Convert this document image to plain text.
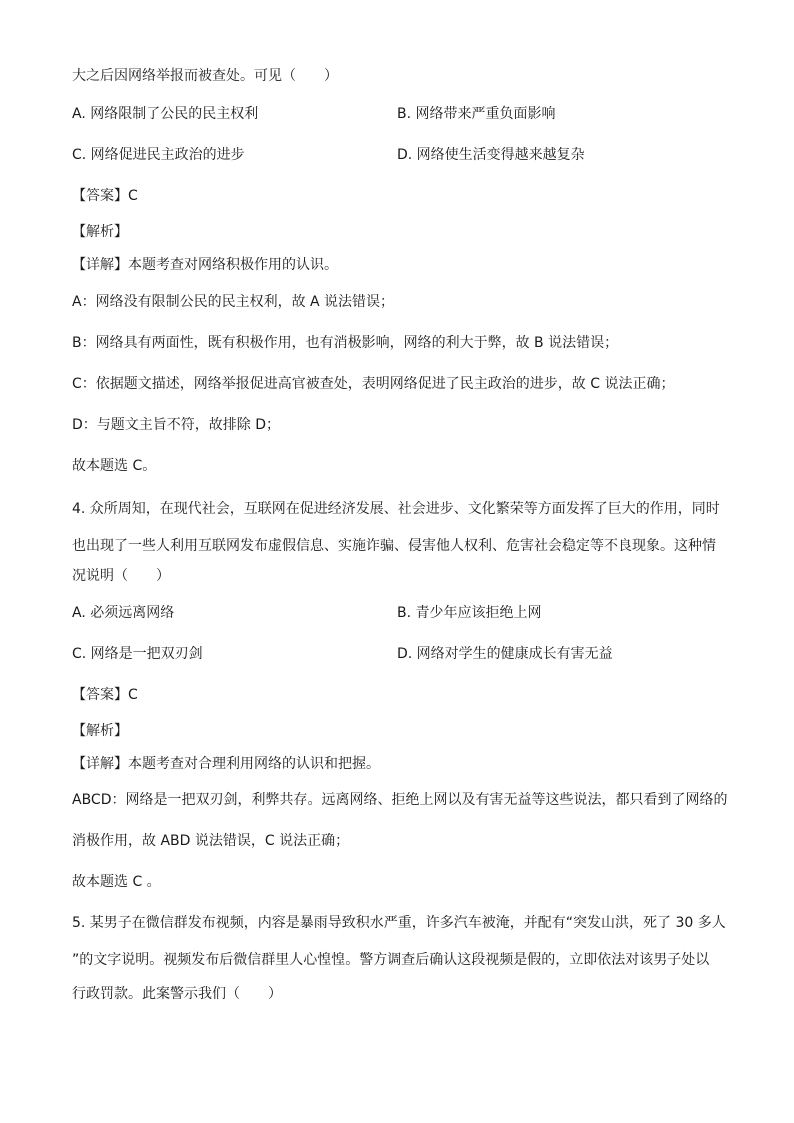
大之后因网络举报而被查处。可见（　　）
A. 网络限制了公民的民主权利	B. 网络带来严重负面影响
C. 网络促进民主政治的进步	D. 网络使生活变得越来越复杂
【答案】C
【解析】
【详解】本题考查对网络积极作用的认识。
A：网络没有限制公民的民主权利，故 A 说法错误；
B：网络具有两面性，既有积极作用，也有消极影响，网络的利大于弊，故 B 说法错误；
C：依据题文描述，网络举报促进高官被查处，表明网络促进了民主政治的进步，故 C 说法正确；
D：与题文主旨不符，故排除 D；
故本题选 C。
4. 众所周知，在现代社会，互联网在促进经济发展、社会进步、文化繁荣等方面发挥了巨大的作用，同时
也出现了一些人利用互联网发布虚假信息、实施诈骗、侵害他人权利、危害社会稳定等不良现象。这种情
况说明（　　）
A. 必须远离网络	B. 青少年应该拒绝上网
C. 网络是一把双刃剑	D. 网络对学生的健康成长有害无益
【答案】C
【解析】
【详解】本题考查对合理利用网络的认识和把握。
ABCD：网络是一把双刃剑，利弊共存。远离网络、拒绝上网以及有害无益等这些说法，都只看到了网络的
消极作用，故 ABD 说法错误，C 说法正确；
故本题选 C 。
5. 某男子在微信群发布视频，内容是暴雨导致积水严重，许多汽车被淹，并配有“突发山洪，死了 30 多人
”的文字说明。视频发布后微信群里人心惶惶。警方调查后确认这段视频是假的，立即依法对该男子处以
行政罚款。此案警示我们（　　）
